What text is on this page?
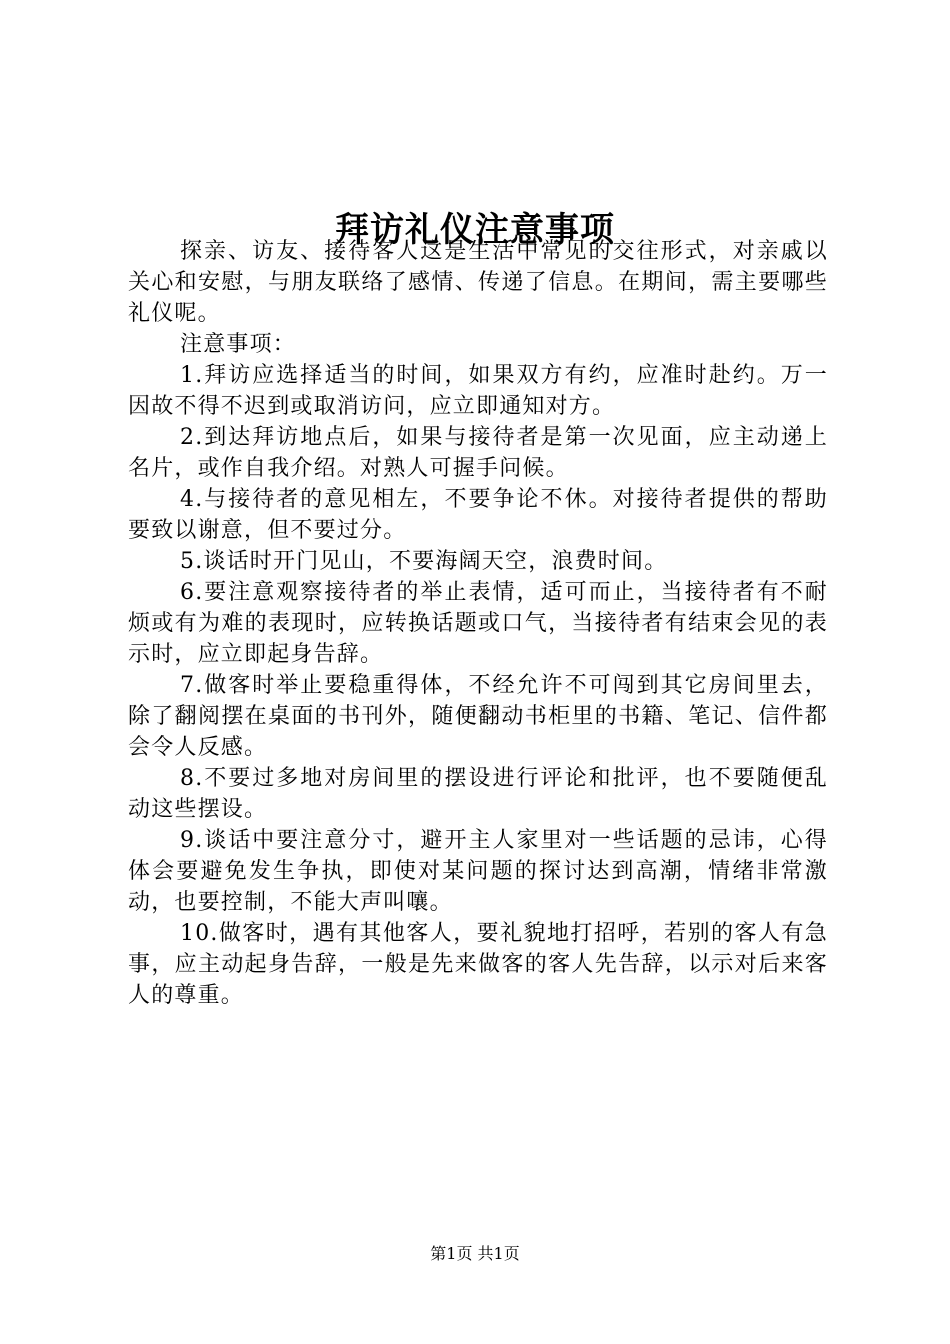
拜访礼仪注意事项

探亲、访友、接待客人这是生活中常见的交往形式，对亲戚以关心和安慰，与朋友联络了感情、传递了信息。在期间，需主要哪些礼仪呢。

注意事项：

1.拜访应选择适当的时间，如果双方有约，应准时赴约。万一因故不得不迟到或取消访问，应立即通知对方。

2.到达拜访地点后，如果与接待者是第一次见面，应主动递上名片，或作自我介绍。对熟人可握手问候。

4.与接待者的意见相左，不要争论不休。对接待者提供的帮助要致以谢意，但不要过分。

5.谈话时开门见山，不要海阔天空，浪费时间。

6.要注意观察接待者的举止表情，适可而止，当接待者有不耐烦或有为难的表现时，应转换话题或口气，当接待者有结束会见的表示时，应立即起身告辞。

7.做客时举止要稳重得体，不经允许不可闯到其它房间里去，除了翻阅摆在桌面的书刊外，随便翻动书柜里的书籍、笔记、信件都会令人反感。

8.不要过多地对房间里的摆设进行评论和批评，也不要随便乱动这些摆设。

9.谈话中要注意分寸，避开主人家里对一些话题的忌讳，心得体会要避免发生争执，即使对某问题的探讨达到高潮，情绪非常激动，也要控制，不能大声叫嚷。

10.做客时，遇有其他客人，要礼貌地打招呼，若别的客人有急事，应主动起身告辞，一般是先来做客的客人先告辞，以示对后来客人的尊重。

第1页 共1页
